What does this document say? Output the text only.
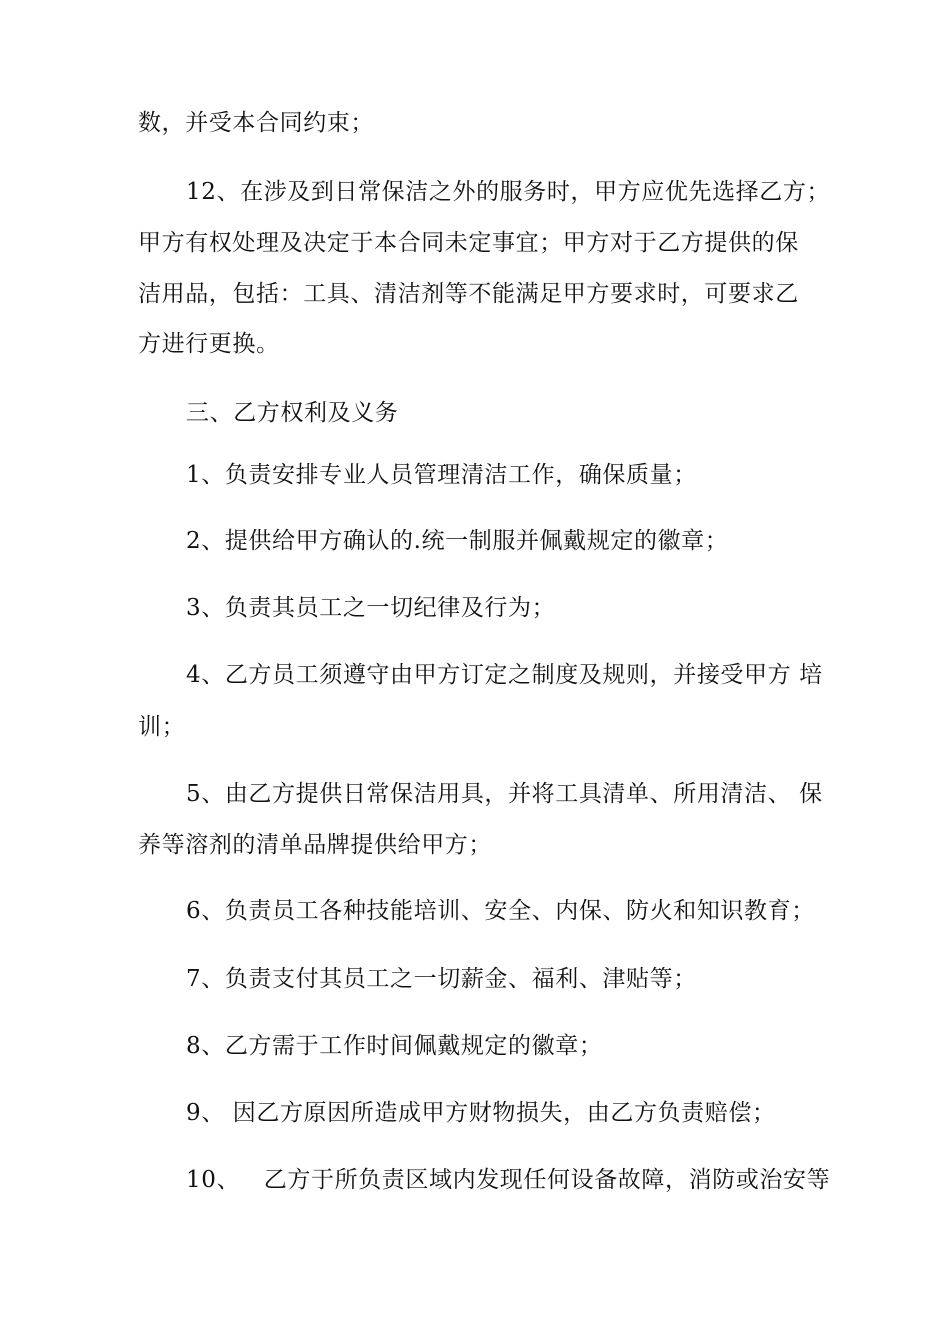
数，并受本合同约束；
12、在涉及到日常保洁之外的服务时，甲方应优先选择乙方；
甲方有权处理及决定于本合同未定事宜；甲方对于乙方提供的保
洁用品，包括：工具、清洁剂等不能满足甲方要求时，可要求乙
方进行更换。
三、乙方权利及义务
1、负责安排专业人员管理清洁工作，确保质量；
2、提供给甲方确认的.统一制服并佩戴规定的徽章；
3、负责其员工之一切纪律及行为；
4、乙方员工须遵守由甲方订定之制度及规则，并接受甲方 培
训；
5、由乙方提供日常保洁用具，并将工具清单、所用清洁、 保
养等溶剂的清单品牌提供给甲方；
6、负责员工各种技能培训、安全、内保、防火和知识教育；
7、负责支付其员工之一切薪金、福利、津贴等；
8、乙方需于工作时间佩戴规定的徽章；
9、 因乙方原因所造成甲方财物损失，由乙方负责赔偿；
10、   乙方于所负责区域内发现任何设备故障，消防或治安等
